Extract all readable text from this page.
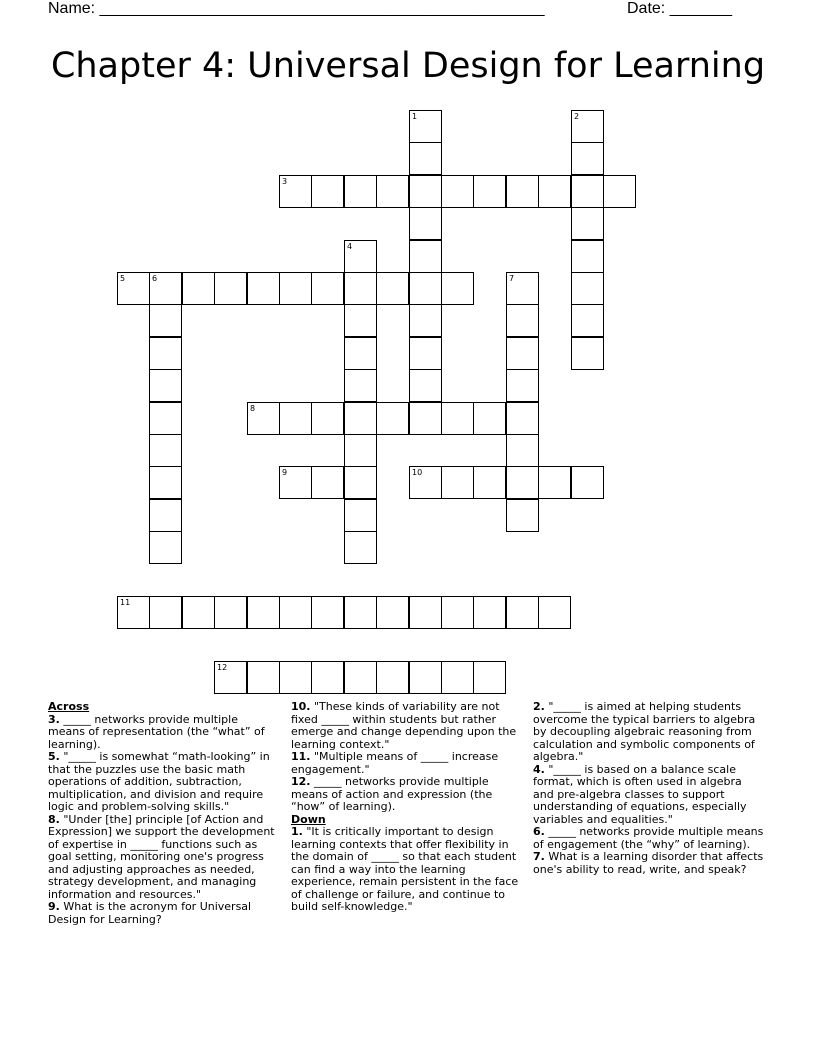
Name: __________________________________________________	Date: _______
Chapter 4: Universal Design for Learning
1	2
3
4
5	6	7
8
9	10
11
12

Across

3. _____ networks provide multiple means of representation (the “what” of learning).

5. "_____ is somewhat “math-looking” in that the puzzles use the basic math operations of addition, subtraction, multiplication, and division and require logic and problem-solving skills."

8. "Under [the] principle [of Action and Expression] we support the development of expertise in _____ functions such as goal setting, monitoring one's progress and adjusting approaches as needed, strategy development, and managing information and resources."

9. What is the acronym for Universal Design for Learning?

10. "These kinds of variability are not fixed _____ within students but rather emerge and change depending upon the learning context."

11. "Multiple means of _____ increase engagement."

12. _____ networks provide multiple means of action and expression (the “how” of learning).

Down

1. "It is critically important to design learning contexts that offer flexibility in the domain of _____ so that each student can find a way into the learning experience, remain persistent in the face of challenge or failure, and continue to build self-knowledge."

2. "_____ is aimed at helping students overcome the typical barriers to algebra by decoupling algebraic reasoning from calculation and symbolic components of algebra."

4. "_____ is based on a balance scale format, which is often used in algebra and pre-algebra classes to support understanding of equations, especially variables and equalities."

6. _____ networks provide multiple means of engagement (the “why” of learning).

7. What is a learning disorder that affects one's ability to read, write, and speak?
